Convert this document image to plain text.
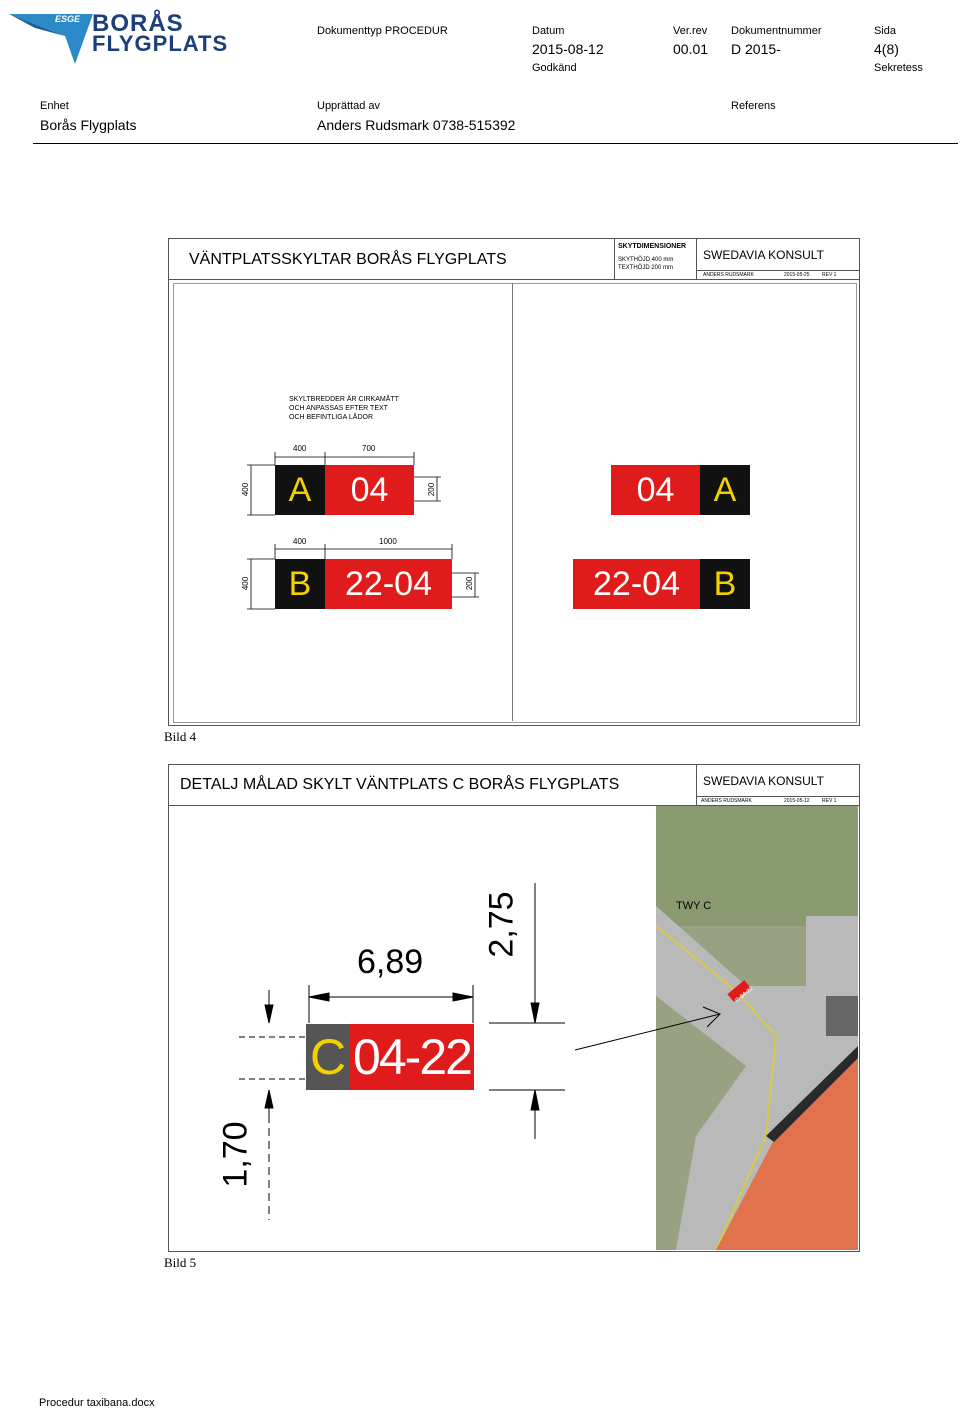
ESGE BORÅS
FLYGPLATS	Dokumenttyp PROCEDUR	Datum
2015-08-12
Ver.rev
00.01
Dokumentnummer
D 2015-
Sida
4(8)
Godkänd	Sekretess
Enhet
Borås Flygplats
Upprättad av
Anders Rudsmark 0738-515392
Referens
VÄNTPLATSSKYLTAR BORÅS FLYGPLATS
SKYTDIMENSIONER
SKYTHÖJD 400 mm
TEXTHÖJD 200 mm
SWEDAVIA KONSULT
ANDERS RUDSMARK	2015-05-25 REV 1
SKYLTBREDDER ÄR CIRKAMÅTT
OCH ANPASSAS EFTER TEXT
OCH BEFINTLIGA LÅDOR
400	700
400	200
400	1000
400	200
A	04
B 22-04
04	A
22-04 B
Bild 4
DETALJ MÅLAD SKYLT VÄNTPLATS C BORÅS FLYGPLATS	SWEDAVIA KONSULT
ANDERS RUDSMARK	2015-05-12 REV 1
TWY C
C 04-22
6,89
2,75
1,70
C 04-22
Bild 5
Procedur taxibana.docx
